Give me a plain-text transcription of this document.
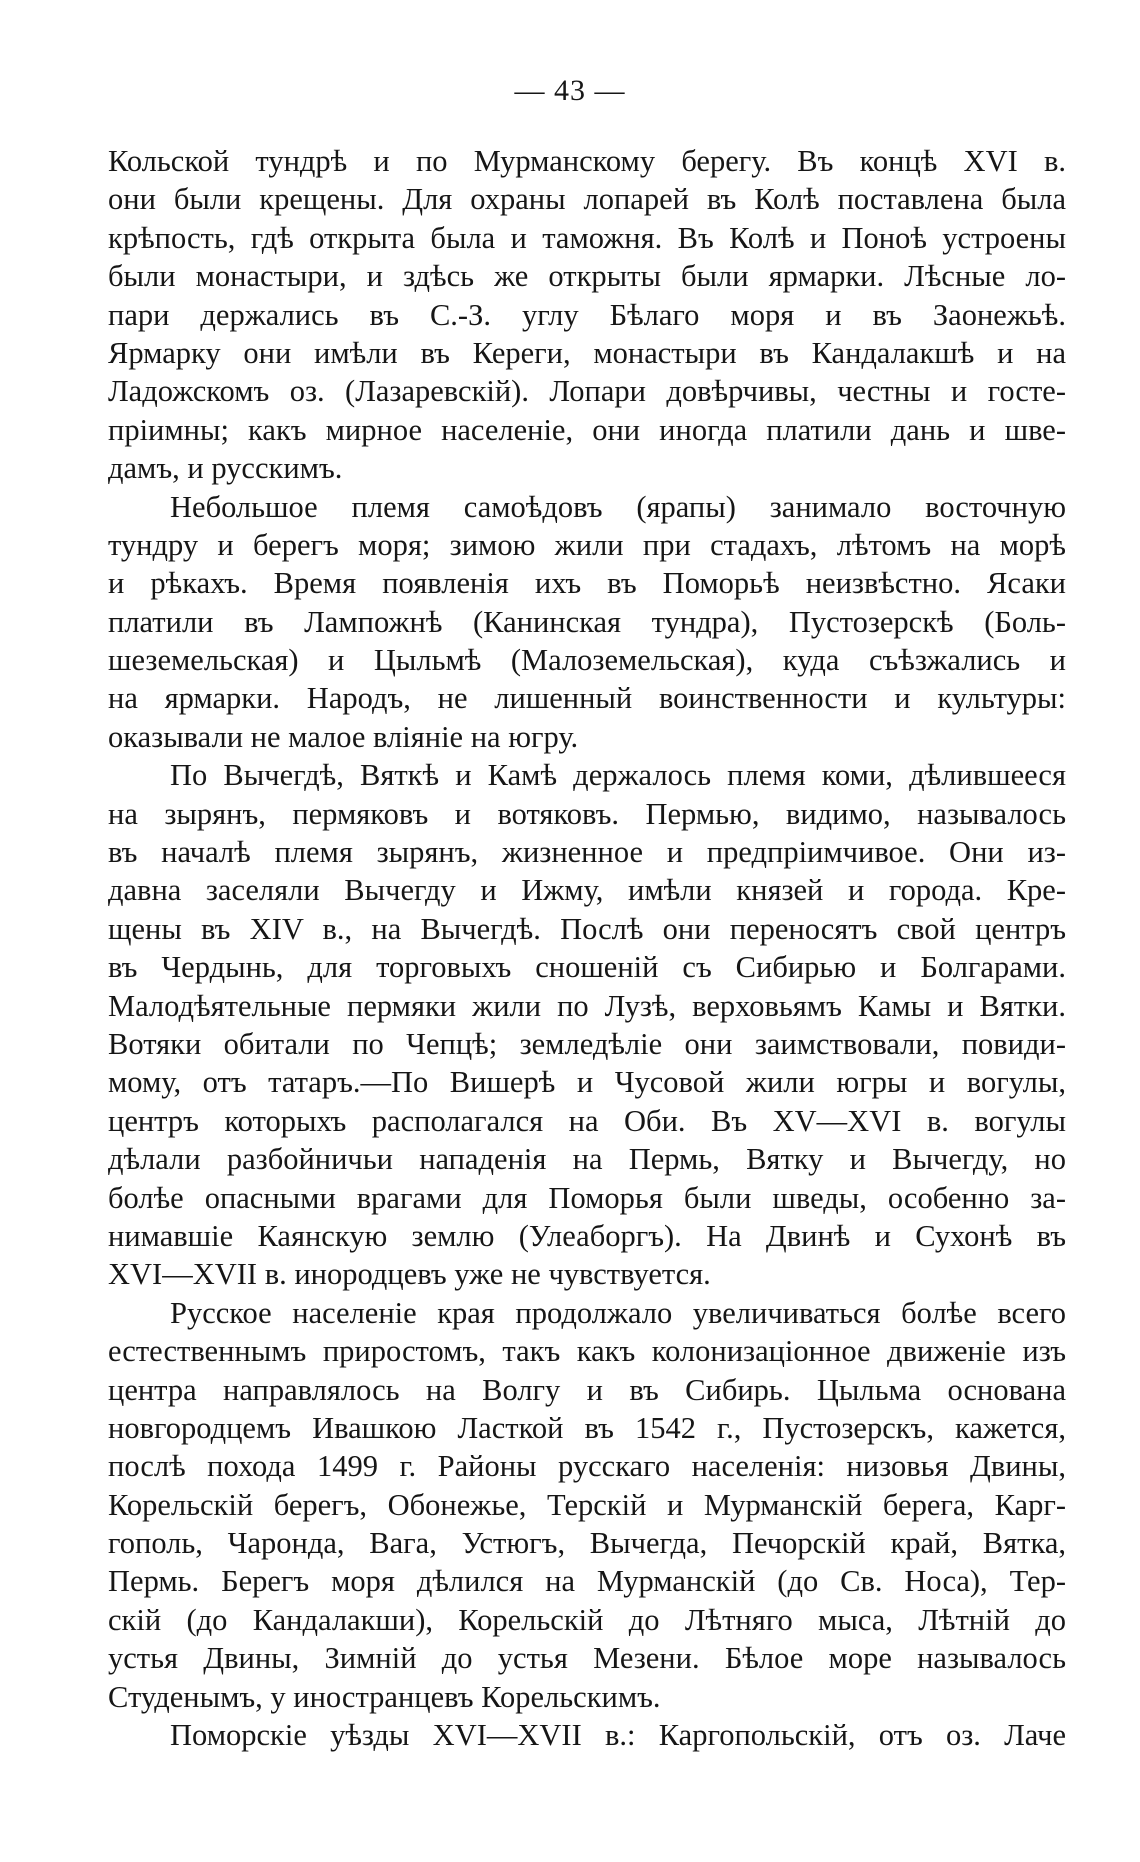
— 43 —

Кольской тундрѣ и по Мурманскому берегу. Въ концѣ XVI в.
они были крещены. Для охраны лопарей въ Колѣ поставлена была
крѣпость, гдѣ открыта была и таможня. Въ Колѣ и Поноѣ устроены
были монастыри, и здѣсь же открыты были ярмарки. Лѣсные ло-
пари держались въ С.-З. углу Бѣлаго моря и въ Заонежьѣ.
Ярмарку они имѣли въ Кереги, монастыри въ Кандалакшѣ и на
Ладожскомъ оз. (Лазаревскій). Лопари довѣрчивы, честны и госте-
пріимны; какъ мирное населеніе, они иногда платили дань и шве-
дамъ, и русскимъ.
Небольшое племя самоѣдовъ (ярапы) занимало восточную
тундру и берегъ моря; зимою жили при стадахъ, лѣтомъ на морѣ
и рѣкахъ. Время появленія ихъ въ Поморьѣ неизвѣстно. Ясаки
платили въ Лампожнѣ (Канинская тундра), Пустозерскѣ (Боль-
шеземельская) и Цыльмѣ (Малоземельская), куда съѣзжались и
на ярмарки. Народъ, не лишенный воинственности и культуры:
оказывали не малое вліяніе на югру.
По Вычегдѣ, Вяткѣ и Камѣ держалось племя коми, дѣлившееся
на зырянъ, пермяковъ и вотяковъ. Пермью, видимо, называлось
въ началѣ племя зырянъ, жизненное и предпріимчивое. Они из-
давна заселяли Вычегду и Ижму, имѣли князей и города. Кре-
щены въ XIV в., на Вычегдѣ. Послѣ они переносятъ свой центръ
въ Чердынь, для торговыхъ сношеній съ Сибирью и Болгарами.
Малодѣятельные пермяки жили по Лузѣ, верховьямъ Камы и Вятки.
Вотяки обитали по Чепцѣ; земледѣліе они заимствовали, повиди-
мому, отъ татаръ.—По Вишерѣ и Чусовой жили югры и вогулы,
центръ которыхъ располагался на Оби. Въ XV—XVI в. вогулы
дѣлали разбойничьи нападенія на Пермь, Вятку и Вычегду, но
болѣе опасными врагами для Поморья были шведы, особенно за-
нимавшіе Каянскую землю (Улеаборгъ). На Двинѣ и Сухонѣ въ
XVI—XVII в. инородцевъ уже не чувствуется.
Русское населеніе края продолжало увеличиваться болѣе всего
естественнымъ приростомъ, такъ какъ колонизаціонное движеніе изъ
центра направлялось на Волгу и въ Сибирь. Цыльма основана
новгородцемъ Ивашкою Ласткой въ 1542 г., Пустозерскъ, кажется,
послѣ похода 1499 г. Районы русскаго населенія: низовья Двины,
Корельскій берегъ, Обонежье, Терскій и Мурманскій берега, Карг-
гополь, Чаронда, Вага, Устюгъ, Вычегда, Печорскій край, Вятка,
Пермь. Берегъ моря дѣлился на Мурманскій (до Св. Носа), Тер-
скій (до Кандалакши), Корельскій до Лѣтняго мыса, Лѣтній до
устья Двины, Зимній до устья Мезени. Бѣлое море называлось
Студенымъ, у иностранцевъ Корельскимъ.
Поморскіе уѣзды XVI—XVII в.: Каргопольскій, отъ оз. Лаче
